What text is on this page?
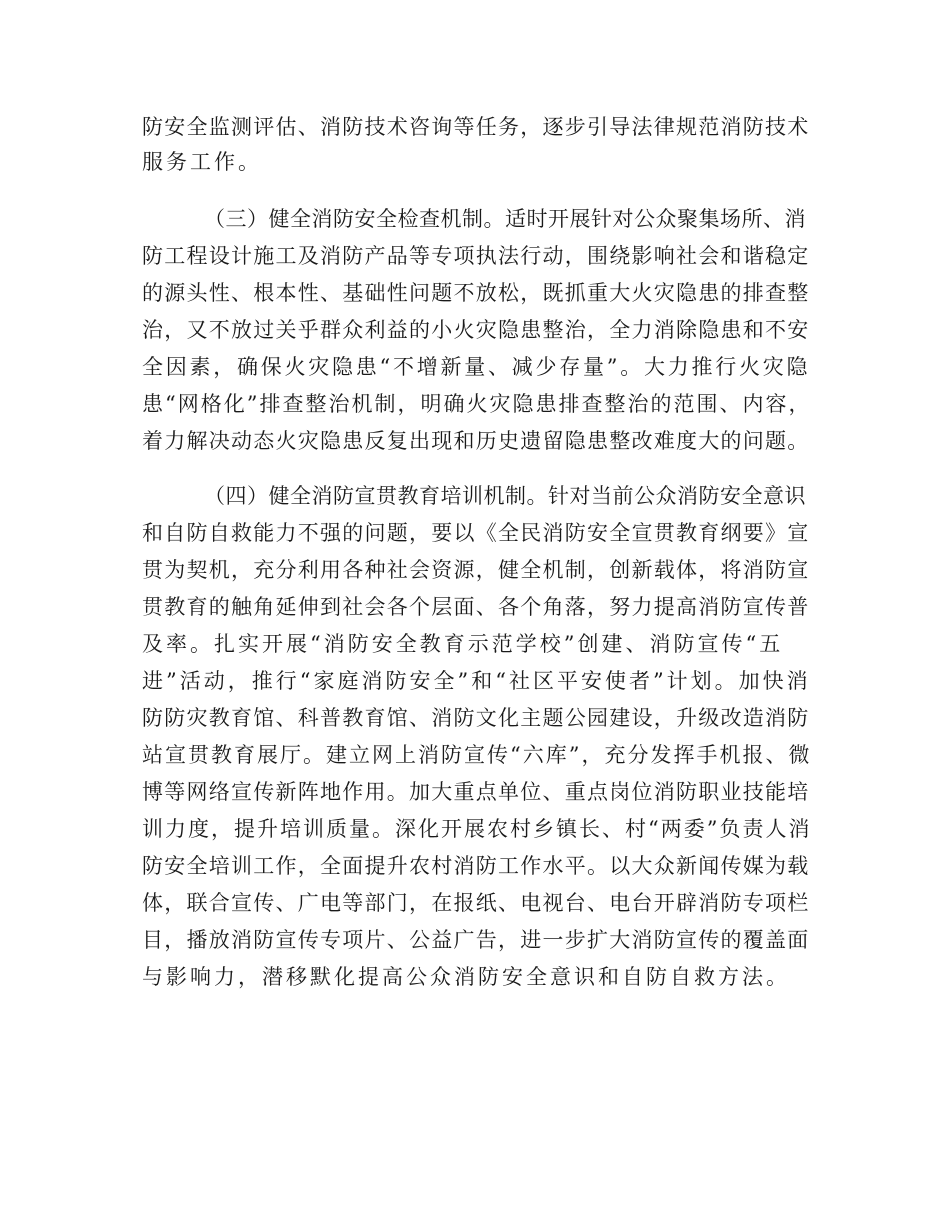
防安全监测评估、消防技术咨询等任务，逐步引导法律规范消防技术
服务工作。
（三）健全消防安全检查机制。适时开展针对公众聚集场所、消
防工程设计施工及消防产品等专项执法行动，围绕影响社会和谐稳定
的源头性、根本性、基础性问题不放松，既抓重大火灾隐患的排查整
治，又不放过关乎群众利益的小火灾隐患整治，全力消除隐患和不安
全因素，确保火灾隐患“不增新量、减少存量”。大力推行火灾隐
患“网格化”排查整治机制，明确火灾隐患排查整治的范围、内容，
着力解决动态火灾隐患反复出现和历史遗留隐患整改难度大的问题。
（四）健全消防宣贯教育培训机制。针对当前公众消防安全意识
和自防自救能力不强的问题，要以《全民消防安全宣贯教育纲要》宣
贯为契机，充分利用各种社会资源，健全机制，创新载体，将消防宣
贯教育的触角延伸到社会各个层面、各个角落，努力提高消防宣传普
及率。扎实开展“消防安全教育示范学校”创建、消防宣传“五
进”活动，推行“家庭消防安全”和“社区平安使者”计划。加快消
防防灾教育馆、科普教育馆、消防文化主题公园建设，升级改造消防
站宣贯教育展厅。建立网上消防宣传“六库”，充分发挥手机报、微
博等网络宣传新阵地作用。加大重点单位、重点岗位消防职业技能培
训力度，提升培训质量。深化开展农村乡镇长、村“两委”负责人消
防安全培训工作，全面提升农村消防工作水平。以大众新闻传媒为载
体，联合宣传、广电等部门，在报纸、电视台、电台开辟消防专项栏
目，播放消防宣传专项片、公益广告，进一步扩大消防宣传的覆盖面
与影响力，潜移默化提高公众消防安全意识和自防自救方法。
